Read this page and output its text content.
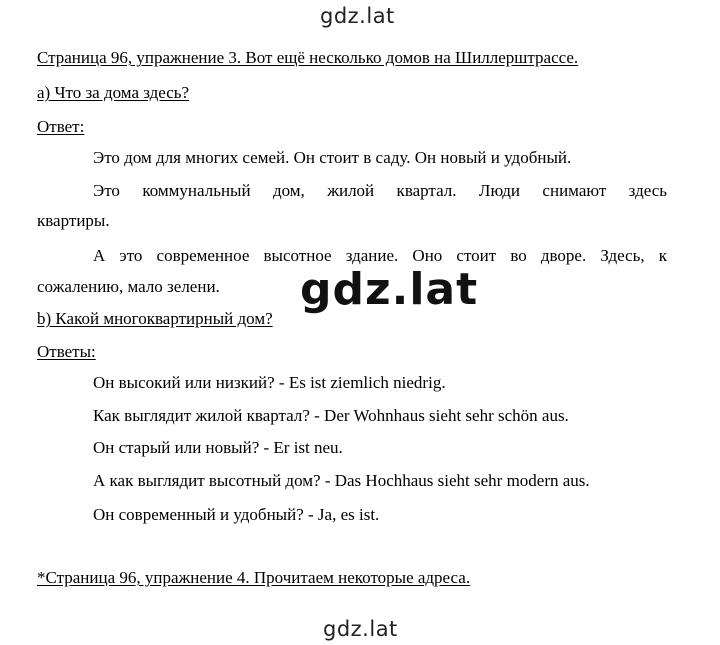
gdz.lat
Страница 96, упражнение 3. Вот ещё несколько домов на Шиллерштрассе.
а) Что за дома здесь?
Ответ:
Это дом для многих семей. Он стоит в саду. Он новый и удобный.
Это коммунальный дом, жилой квартал. Люди снимают здесь
квартиры.
А это современное высотное здание. Оно стоит во дворе. Здесь, к
сожалению, мало зелени. gdz.lat
b) Какой многоквартирный дом?
Ответы:
Он высокий или низкий? - Es ist ziemlich niedrig.
Как выглядит жилой квартал? - Der Wohnhaus sieht sehr schön aus.
Он старый или новый? - Er ist neu.
А как выглядит высотный дом? - Das Hochhaus sieht sehr modern aus.
Он современный и удобный? - Ja, es ist.
*Страница 96, упражнение 4. Прочитаем некоторые адреса.
gdz.lat
